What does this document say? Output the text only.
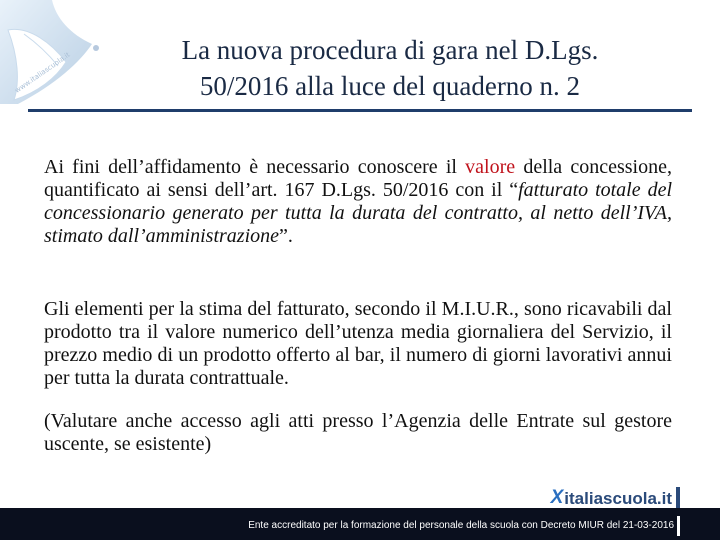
www.italiascuola.it
La nuova procedura di gara nel D.Lgs.
50/2016 alla luce del quaderno n. 2
Ai fini dell’affidamento è necessario conoscere il valore della concessione, quantificato ai sensi dell’art. 167 D.Lgs. 50/2016 con il “fatturato totale del concessionario generato per tutta la durata del contratto, al netto dell’IVA, stimato dall’amministrazione”.
Gli elementi per la stima del fatturato, secondo il M.I.U.R., sono ricavabili dal prodotto tra il valore numerico dell’utenza media giornaliera del Servizio, il prezzo medio di un prodotto offerto al bar, il numero di giorni lavorativi annui per tutta la durata contrattuale.
(Valutare anche accesso agli atti presso l’Agenzia delle Entrate sul gestore uscente, se esistente)
X italiascuola.it
Ente accreditato per la formazione del personale della scuola con Decreto MIUR del 21-03-2016
